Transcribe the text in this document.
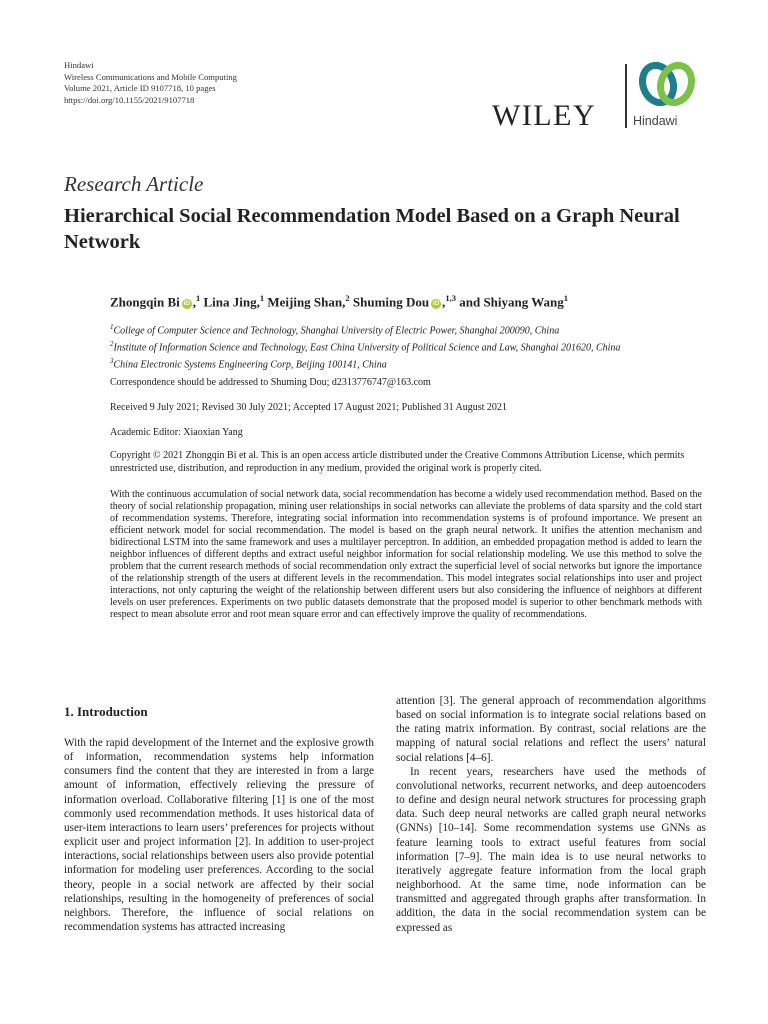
Hindawi
Wireless Communications and Mobile Computing
Volume 2021, Article ID 9107718, 10 pages
https://doi.org/10.1155/2021/9107718	WILEY	Hindawi
Research Article
Hierarchical Social Recommendation Model Based on a Graph Neural Network
Zhongqin Bi iD ,$^1$ Lina Jing,$^1$ Meijing Shan,$^2$ Shuming Dou iD ,$^{1,3}$ and Shiyang Wang$^1$
$^1$College of Computer Science and Technology, Shanghai University of Electric Power, Shanghai 200090, China
$^2$Institute of Information Science and Technology, East China University of Political Science and Law, Shanghai 201620, China
$^3$China Electronic Systems Engineering Corp, Beijing 100141, China
Correspondence should be addressed to Shuming Dou; d2313776747@163.com
Received 9 July 2021; Revised 30 July 2021; Accepted 17 August 2021; Published 31 August 2021
Academic Editor: Xiaoxian Yang
Copyright © 2021 Zhongqin Bi et al. This is an open access article distributed under the Creative Commons Attribution License, which permits unrestricted use, distribution, and reproduction in any medium, provided the original work is properly cited.
With the continuous accumulation of social network data, social recommendation has become a widely used recommendation method. Based on the theory of social relationship propagation, mining user relationships in social networks can alleviate the problems of data sparsity and the cold start of recommendation systems. Therefore, integrating social information into recommendation systems is of profound importance. We present an efficient network model for social recommendation. The model is based on the graph neural network. It unifies the attention mechanism and bidirectional LSTM into the same framework and uses a multilayer perceptron. In addition, an embedded propagation method is added to learn the neighbor influences of different depths and extract useful neighbor information for social relationship modeling. We use this method to solve the problem that the current research methods of social recommendation only extract the superficial level of social networks but ignore the importance of the relationship strength of the users at different levels in the recommendation. This model integrates social relationships into user and project interactions, not only capturing the weight of the relationship between different users but also considering the influence of neighbors at different levels on user preferences. Experiments on two public datasets demonstrate that the proposed model is superior to other benchmark methods with respect to mean absolute error and root mean square error and can effectively improve the quality of recommendations.
1. Introduction
With the rapid development of the Internet and the explosive growth of information, recommendation systems help information consumers find the content that they are interested in from a large amount of information, effectively relieving the pressure of information overload. Collaborative filtering [1] is one of the most commonly used recommendation methods. It uses historical data of user-item interactions to learn users’ preferences for projects without explicit user and project information [2]. In addition to user-project interactions, social relationships between users also provide potential information for modeling user preferences. According to the social theory, people in a social network are affected by their social relationships, resulting in the homogeneity of preferences of social neighbors. Therefore, the influence of social relations on recommendation systems has attracted increasing

attention [3]. The general approach of recommendation algorithms based on social information is to integrate social relations based on the rating matrix information. By contrast, social relations are the mapping of natural social relations and reflect the users’ natural social relations [4–6].

In recent years, researchers have used the methods of convolutional networks, recurrent networks, and deep autoencoders to define and design neural network structures for processing graph data. Such deep neural networks are called graph neural networks (GNNs) [10–14]. Some recommendation systems use GNNs as feature learning tools to extract useful features from social information [7–9]. The main idea is to use neural networks to iteratively aggregate feature information from the local graph neighborhood. At the same time, node information can be transmitted and aggregated through graphs after transformation. In addition, the data in the social recommendation system can be expressed as
